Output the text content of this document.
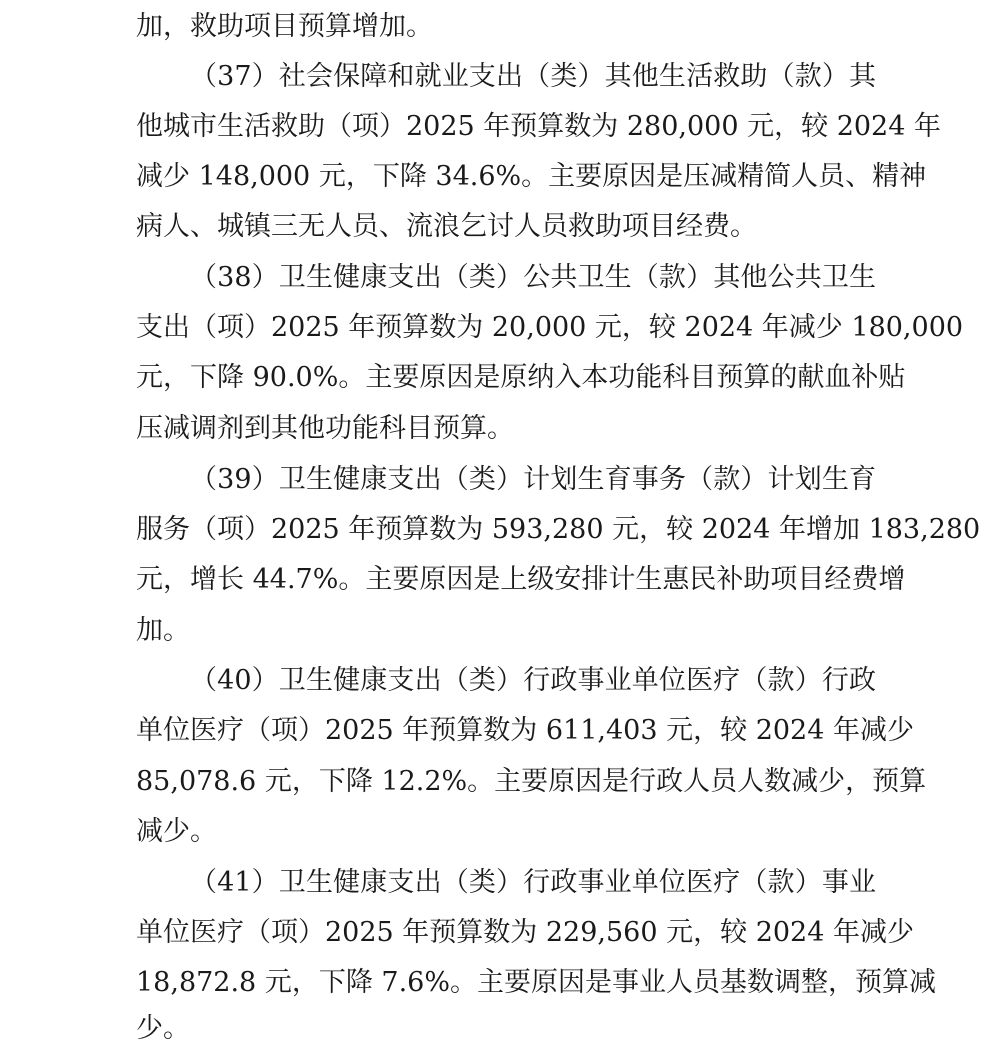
加，救助项目预算增加。
（37）社会保障和就业支出（类）其他生活救助（款）其
他城市生活救助（项）2025 年预算数为 280,000 元，较 2024 年
减少 148,000 元，下降 34.6%。主要原因是压减精简人员、精神
病人、城镇三无人员、流浪乞讨人员救助项目经费。
（38）卫生健康支出（类）公共卫生（款）其他公共卫生
支出（项）2025 年预算数为 20,000 元，较 2024 年减少 180,000
元，下降 90.0%。主要原因是原纳入本功能科目预算的献血补贴
压减调剂到其他功能科目预算。
（39）卫生健康支出（类）计划生育事务（款）计划生育
服务（项）2025 年预算数为 593,280 元，较 2024 年增加 183,280
元，增长 44.7%。主要原因是上级安排计生惠民补助项目经费增
加。
（40）卫生健康支出（类）行政事业单位医疗（款）行政
单位医疗（项）2025 年预算数为 611,403 元，较 2024 年减少
85,078.6 元，下降 12.2%。主要原因是行政人员人数减少，预算
减少。
（41）卫生健康支出（类）行政事业单位医疗（款）事业
单位医疗（项）2025 年预算数为 229,560 元，较 2024 年减少
18,872.8 元，下降 7.6%。主要原因是事业人员基数调整，预算减
少。
